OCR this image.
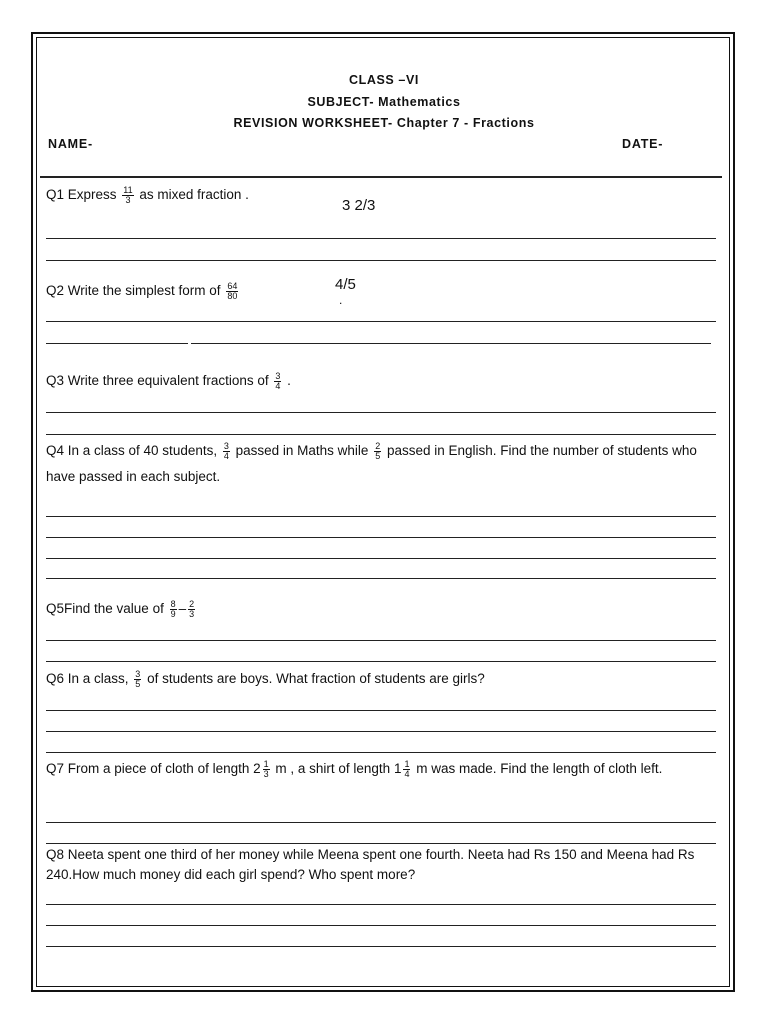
CLASS –VI
SUBJECT- Mathematics
REVISION WORKSHEET- Chapter 7 - Fractions
NAME-	DATE-
Q1 Express $\frac{11}{3}$ as mixed fraction .
3 2/3
Q2 Write the simplest form of $\frac{64}{80}$	4/5
.
Q3 Write three equivalent fractions of $\frac{3}{4}$ .
Q4 In a class of 40 students, $\frac{3}{4}$ passed in Maths while $\frac{2}{5}$ passed in English. Find the number of students who have passed in each subject.
Q5Find the value of $\frac{8}{9} - \frac{2}{3}$
Q6 In a class, $\frac{3}{5}$ of students are boys. What fraction of students are girls?
Q7 From a piece of cloth of length $2 \frac{1}{3}$ m , a shirt of length $1 \frac{1}{4}$ m was made. Find the length of cloth left.
Q8 Neeta spent one third of her money while Meena spent one fourth. Neeta had Rs 150 and Meena had Rs 240.How much money did each girl spend? Who spent more?
